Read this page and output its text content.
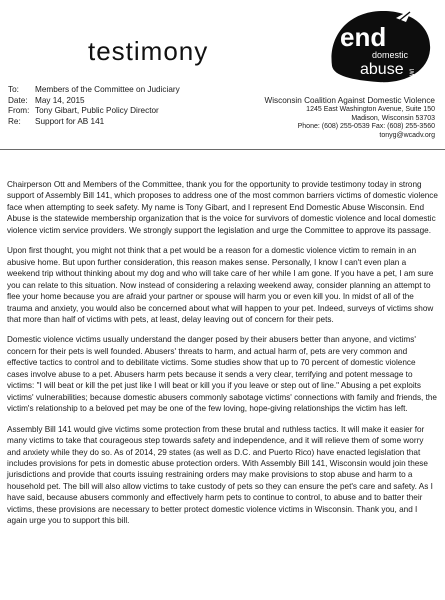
testimony	end
domestic
abuse WI
To:	Members of the Committee on Judiciary
Date: May 14, 2015
From: Tony Gibart, Public Policy Director
Re:	Support for AB 141
Wisconsin Coalition Against Domestic Violence
1245 East Washington Avenue, Suite 150
Madison, Wisconsin 53703
Phone: (608) 255-0539 Fax: (608) 255-3560
tonyg@wcadv.org

Chairperson Ott and Members of the Committee, thank you for the opportunity to provide testimony today in strong support of Assembly Bill 141, which proposes to address one of the most common barriers victims of domestic violence face when attempting to seek safety. My name is Tony Gibart, and I represent End Domestic Abuse Wisconsin. End Abuse is the statewide membership organization that is the voice for survivors of domestic violence and local domestic violence victim service providers. We strongly support the legislation and urge the Committee to approve its passage.

Upon first thought, you might not think that a pet would be a reason for a domestic violence victim to remain in an abusive home. But upon further consideration, this reason makes sense. Personally, I know I can't even plan a weekend trip without thinking about my dog and who will take care of her while I am gone. If you have a pet, I am sure you can relate to this situation. Now instead of considering a relaxing weekend away, consider planning an attempt to flee your home because you are afraid your partner or spouse will harm you or even kill you. In midst of all of the trauma and anxiety, you would also be concerned about what will happen to your pet. Indeed, surveys of victims show that more than half of victims with pets, at least, delay leaving out of concern for their pets.

Domestic violence victims usually understand the danger posed by their abusers better than anyone, and victims' concern for their pets is well founded. Abusers' threats to harm, and actual harm of, pets are very common and effective tactics to control and to debilitate victims. Some studies show that up to 70 percent of domestic violence cases involve abuse to a pet. Abusers harm pets because it sends a very clear, terrifying and potent message to victims: "I will beat or kill the pet just like I will beat or kill you if you leave or step out of line." Abusing a pet exploits victims' vulnerabilities; because domestic abusers commonly sabotage victims' connections with family and friends, the victim's relationship to a beloved pet may be one of the few loving, hope-giving relationships the victim has left.

Assembly Bill 141 would give victims some protection from these brutal and ruthless tactics. It will make it easier for many victims to take that courageous step towards safety and independence, and it will relieve them of some worry and anxiety while they do so. As of 2014, 29 states (as well as D.C. and Puerto Rico) have enacted legislation that includes provisions for pets in domestic abuse protection orders. With Assembly Bill 141, Wisconsin would join these jurisdictions and provide that courts issuing restraining orders may make provisions to stop abuse and harm to a household pet. The bill will also allow victims to take custody of pets so they can ensure the pet's care and safety. As I have said, because abusers commonly and effectively harm pets to continue to control, to abuse and to batter their victims, these provisions are necessary to better protect domestic violence victims in Wisconsin. Thank you, and I again urge you to support this bill.
